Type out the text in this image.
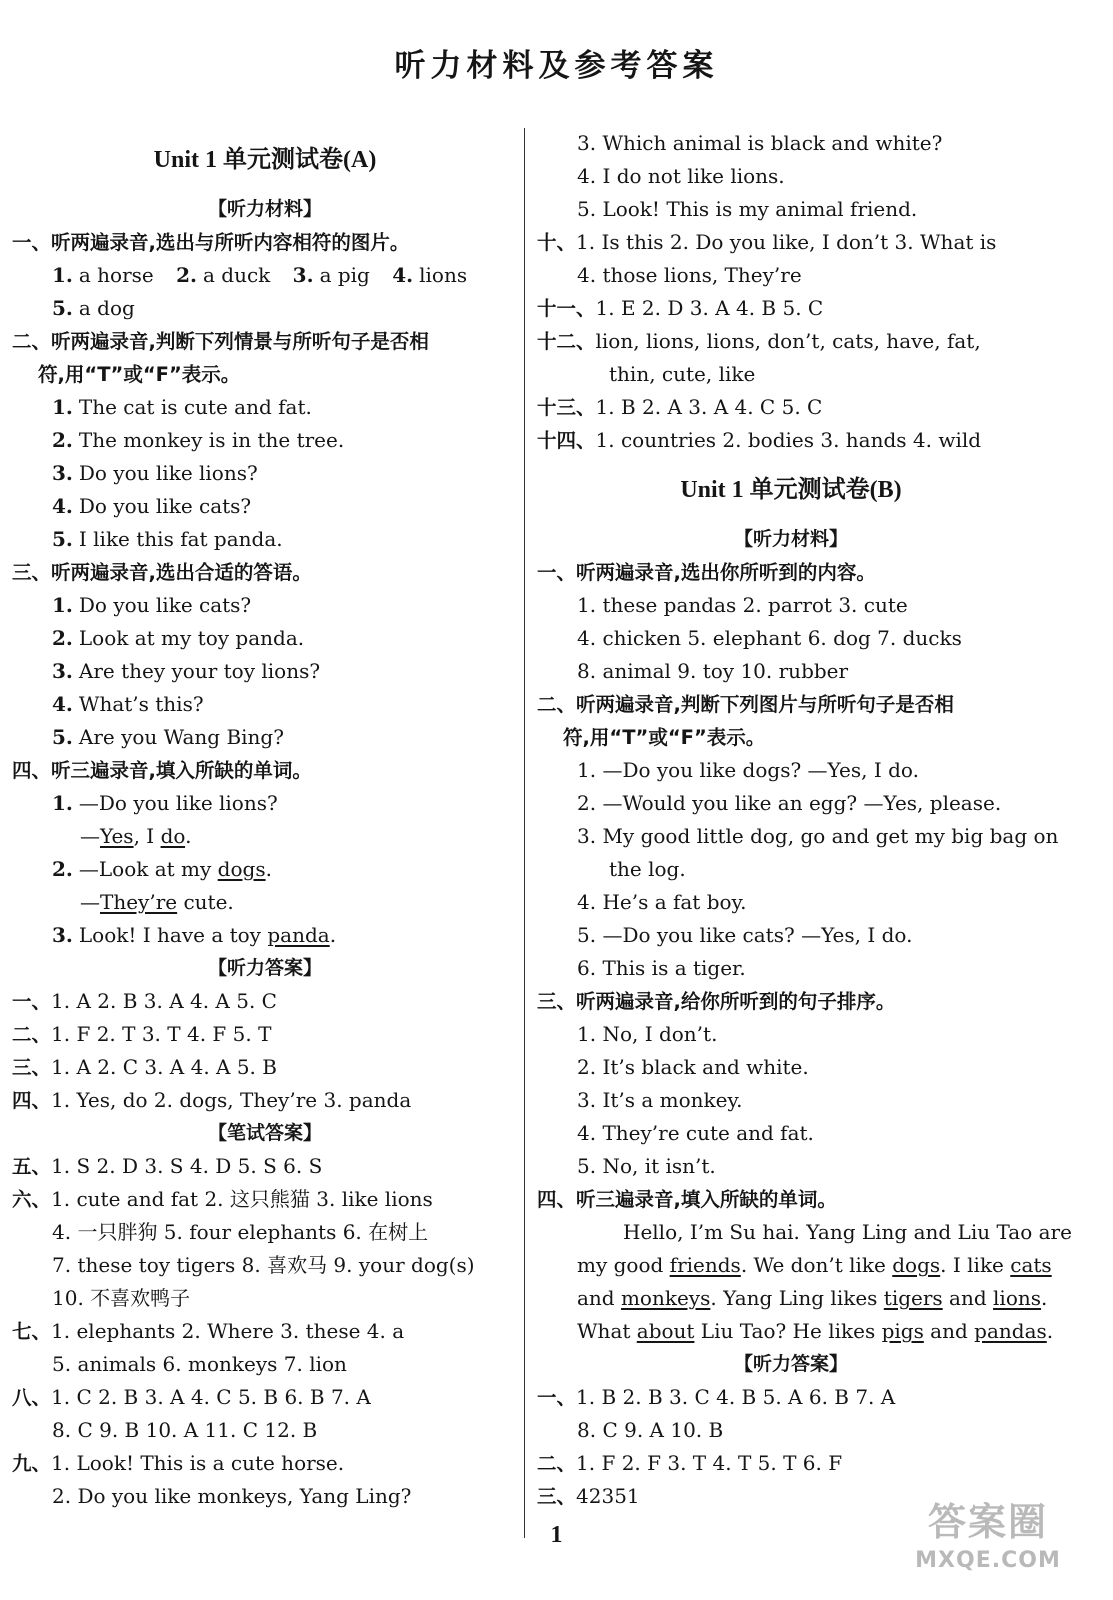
听力材料及参考答案
Unit 1 单元测试卷(A)
【听力材料】
一、听两遍录音,选出与所听内容相符的图片。
1. a horse 2. a duck 3. a pig 4. lions
5. a dog
二、听两遍录音,判断下列情景与所听句子是否相
符,用“T”或“F”表示。
1. The cat is cute and fat.
2. The monkey is in the tree.
3. Do you like lions?
4. Do you like cats?
5. I like this fat panda.
三、听两遍录音,选出合适的答语。
1. Do you like cats?
2. Look at my toy panda.
3. Are they your toy lions?
4. What’s this?
5. Are you Wang Bing?
四、听三遍录音,填入所缺的单词。
1. —Do you like lions?
—Yes, I do.
2. —Look at my dogs.
—They’re cute.
3. Look! I have a toy panda.
【听力答案】
一、1. A 2. B 3. A 4. A 5. C
二、1. F 2. T 3. T 4. F 5. T
三、1. A 2. C 3. A 4. A 5. B
四、1. Yes, do 2. dogs, They’re 3. panda
【笔试答案】
五、1. S 2. D 3. S 4. D 5. S 6. S
六、1. cute and fat 2. 这只熊猫 3. like lions
4. 一只胖狗 5. four elephants 6. 在树上
7. these toy tigers 8. 喜欢马 9. your dog(s)
10. 不喜欢鸭子
七、1. elephants 2. Where 3. these 4. a
5. animals 6. monkeys 7. lion
八、1. C 2. B 3. A 4. C 5. B 6. B 7. A
8. C 9. B 10. A 11. C 12. B
九、1. Look! This is a cute horse.
2. Do you like monkeys, Yang Ling?
3. Which animal is black and white?
4. I do not like lions.
5. Look! This is my animal friend.
十、1. Is this 2. Do you like, I don’t 3. What is
4. those lions, They’re
十一、1. E 2. D 3. A 4. B 5. C
十二、lion, lions, lions, don’t, cats, have, fat,
thin, cute, like
十三、1. B 2. A 3. A 4. C 5. C
十四、1. countries 2. bodies 3. hands 4. wild
Unit 1 单元测试卷(B)
【听力材料】
一、听两遍录音,选出你所听到的内容。
1. these pandas 2. parrot 3. cute
4. chicken 5. elephant 6. dog 7. ducks
8. animal 9. toy 10. rubber
二、听两遍录音,判断下列图片与所听句子是否相
符,用“T”或“F”表示。
1. —Do you like dogs? —Yes, I do.
2. —Would you like an egg? —Yes, please.
3. My good little dog, go and get my big bag on
the log.
4. He’s a fat boy.
5. —Do you like cats? —Yes, I do.
6. This is a tiger.
三、听两遍录音,给你所听到的句子排序。
1. No, I don’t.
2. It’s black and white.
3. It’s a monkey.
4. They’re cute and fat.
5. No, it isn’t.
四、听三遍录音,填入所缺的单词。
Hello, I’m Su hai. Yang Ling and Liu Tao are
my good friends. We don’t like dogs. I like cats
and monkeys. Yang Ling likes tigers and lions.
What about Liu Tao? He likes pigs and pandas.
【听力答案】
一、1. B 2. B 3. C 4. B 5. A 6. B 7. A
8. C 9. A 10. B
二、1. F 2. F 3. T 4. T 5. T 6. F
三、42351
1	答案圈
MXQE.COM
